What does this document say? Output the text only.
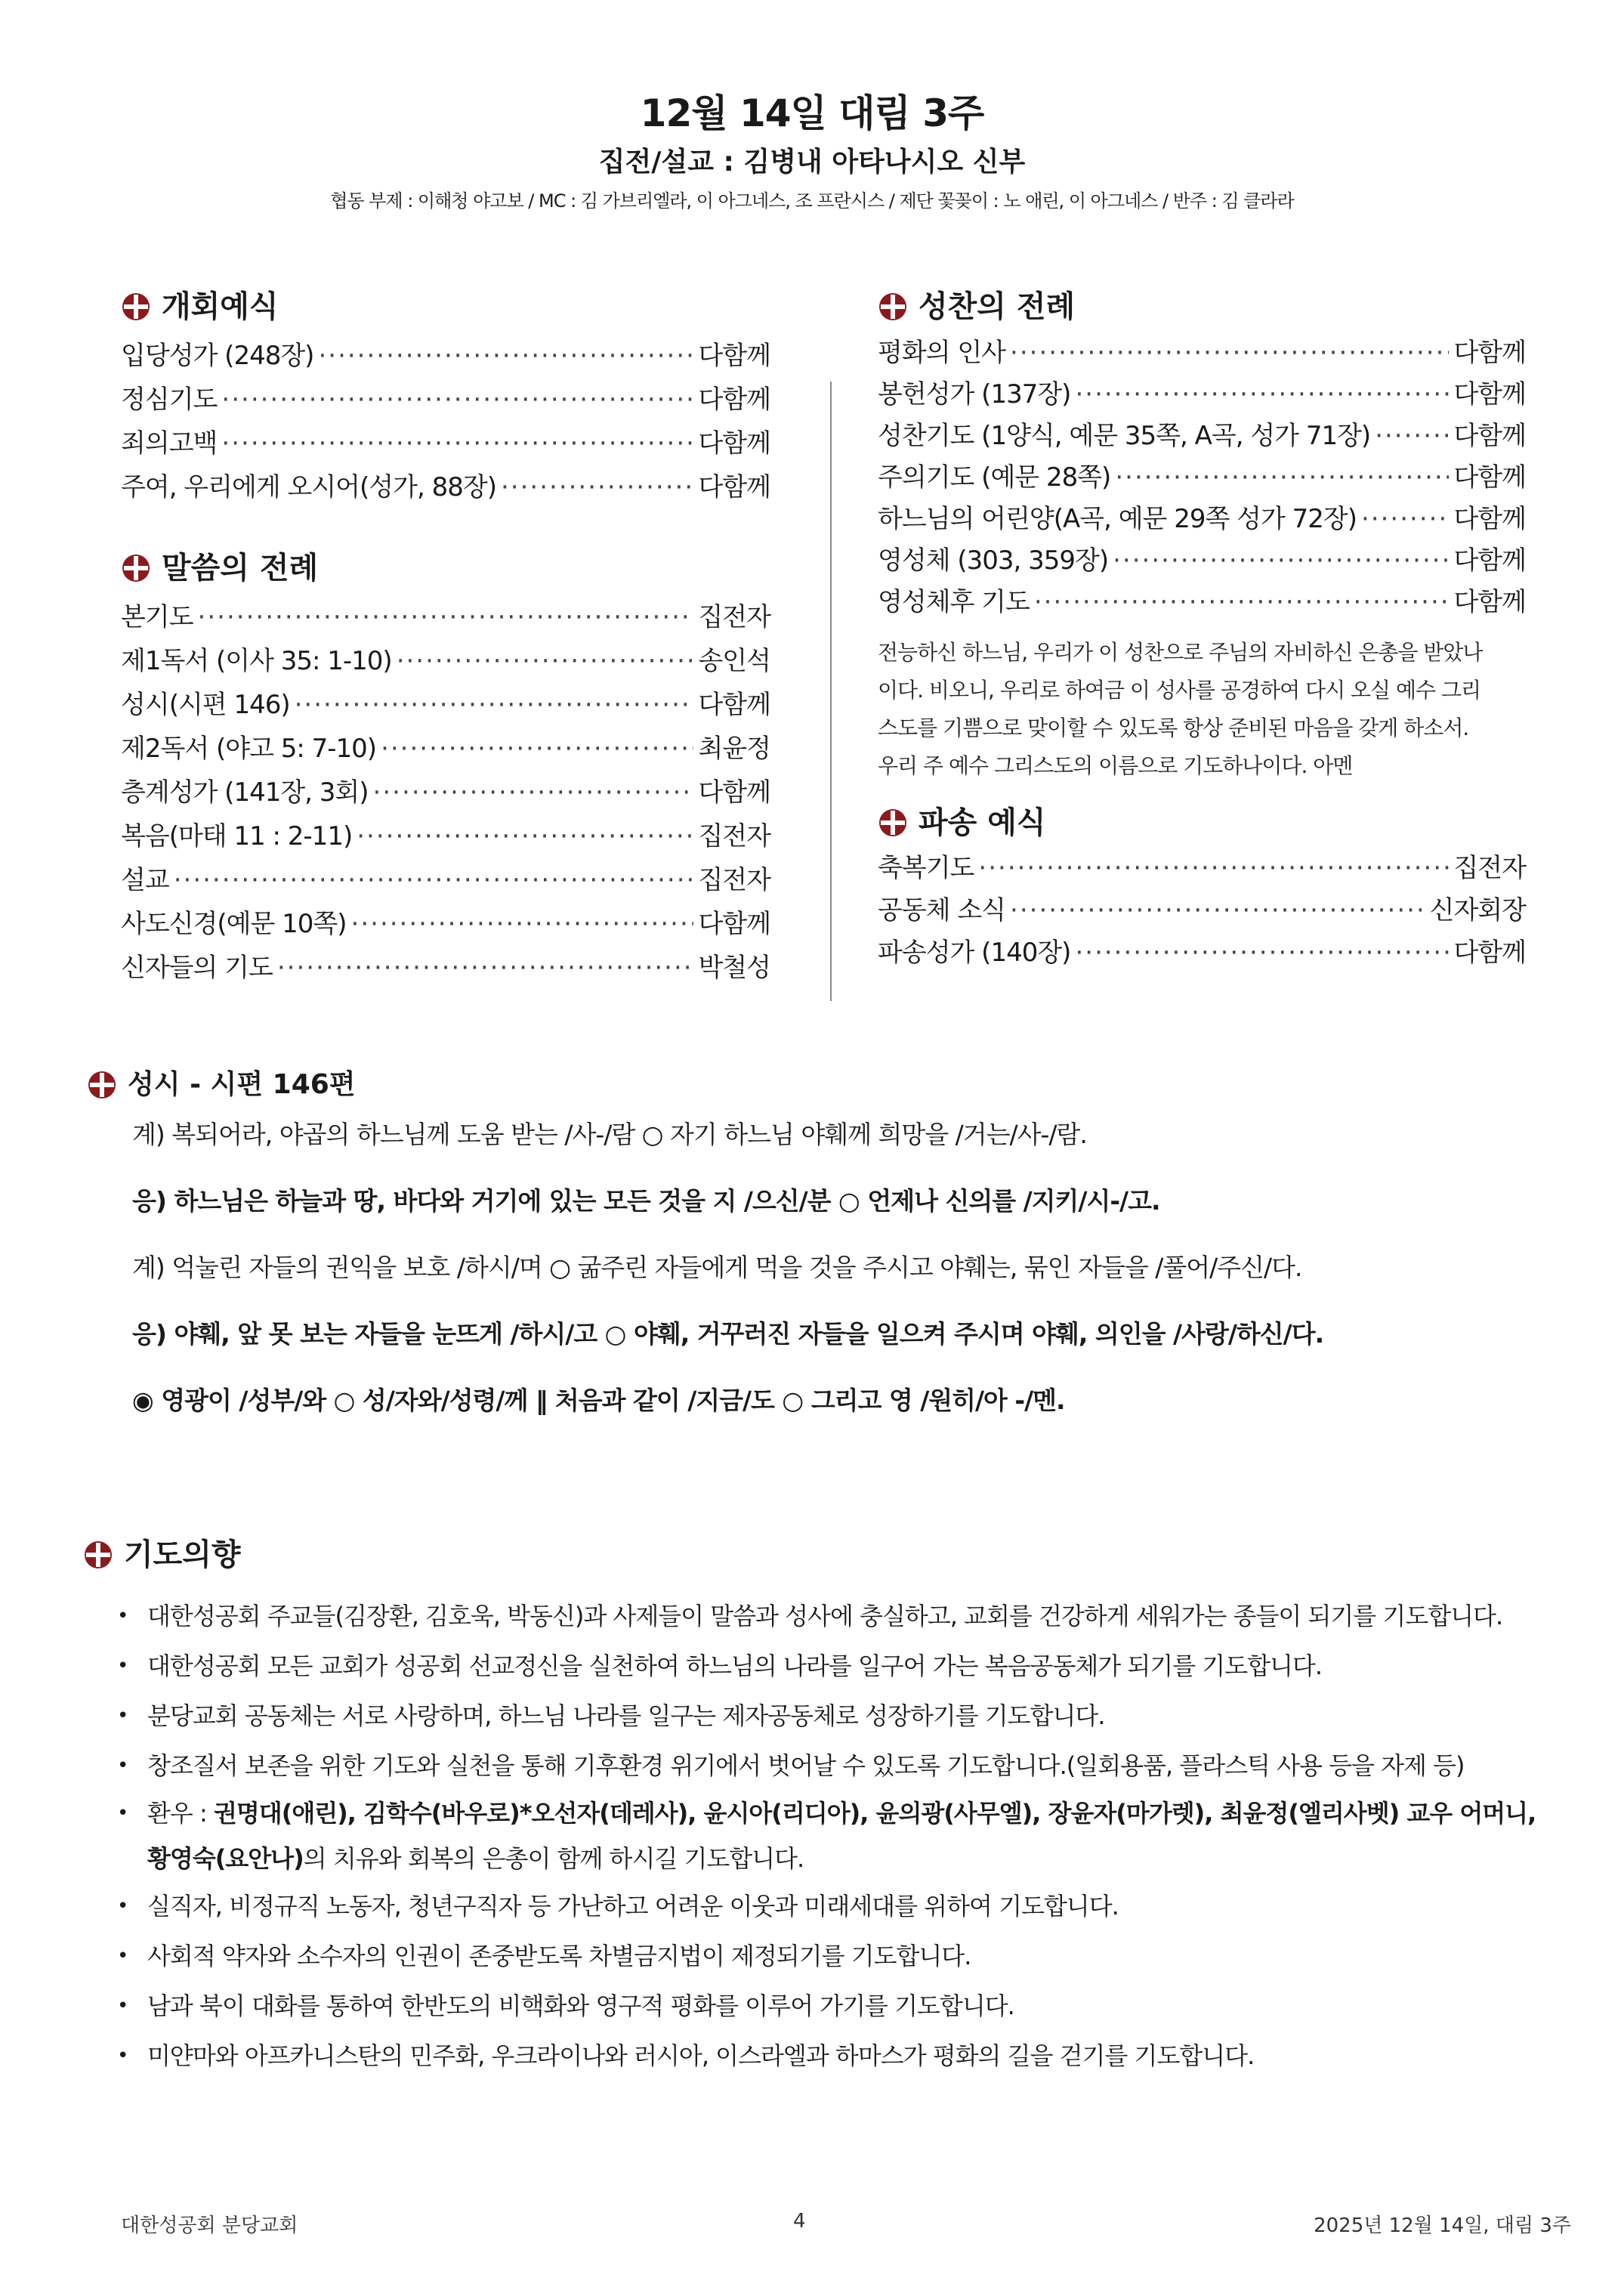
12월 14일 대림 3주
집전/설교 : 김병내 아타나시오 신부
협동 부제 : 이해청 야고보 / MC : 김 가브리엘라, 이 아그네스, 조 프란시스 / 제단 꽃꽂이 : 노 애린, 이 아그네스 / 반주 : 김 클라라
개회예식
입당성가 (248장) ·····	다함께
정심기도 ·····	다함께
죄의고백 ·····	다함께
주여, 우리에게 오시어(성가, 88장) ·····	다함께
말씀의 전례
본기도 ·····	집전자
제1독서 (이사 35: 1-10) ·····	송인석
성시(시편 146) ·····	다함께
제2독서 (야고 5: 7-10) ·····	최윤정
층계성가 (141장, 3회) ·····	다함께
복음(마태 11 : 2-11) ·····	집전자
설교 ·····	집전자
사도신경(예문 10쪽) ·····	다함께
신자들의 기도 ·····	박철성
성찬의 전례
평화의 인사 ·····	다함께
봉헌성가 (137장) ·····	다함께
성찬기도 (1양식, 예문 35쪽, A곡, 성가 71장) ·····	다함께
주의기도 (예문 28쪽) ·····	다함께
하느님의 어린양(A곡, 예문 29쪽 성가 72장) ·····	다함께
영성체 (303, 359장) ·····	다함께
영성체후 기도 ·····	다함께
전능하신 하느님, 우리가 이 성찬으로 주님의 자비하신 은총을 받았나
이다. 비오니, 우리로 하여금 이 성사를 공경하여 다시 오실 예수 그리
스도를 기쁨으로 맞이할 수 있도록 항상 준비된 마음을 갖게 하소서.
우리 주 예수 그리스도의 이름으로 기도하나이다. 아멘
파송 예식
축복기도 ·····	집전자
공동체 소식 ·····	신자회장
파송성가 (140장) ·····	다함께
성시 - 시편 146편
계) 복되어라, 야곱의 하느님께 도움 받는 /사-/람 ○ 자기 하느님 야훼께 희망을 /거는/사-/람.
응) 하느님은 하늘과 땅, 바다와 거기에 있는 모든 것을 지 /으신/분 ○ 언제나 신의를 /지키/시-/고.
계) 억눌린 자들의 권익을 보호 /하시/며 ○ 굶주린 자들에게 먹을 것을 주시고 야훼는, 묶인 자들을 /풀어/주신/다.
응) 야훼, 앞 못 보는 자들을 눈뜨게 /하시/고 ○ 야훼, 거꾸러진 자들을 일으켜 주시며 야훼, 의인을 /사랑/하신/다.
◉ 영광이 /성부/와 ○ 성/자와/성령/께 ‖ 처음과 같이 /지금/도 ○ 그리고 영 /원히/아 -/멘.
기도의향
• 대한성공회 주교들(김장환, 김호욱, 박동신)과 사제들이 말씀과 성사에 충실하고, 교회를 건강하게 세워가는 종들이 되기를 기도합니다.
• 대한성공회 모든 교회가 성공회 선교정신을 실천하여 하느님의 나라를 일구어 가는 복음공동체가 되기를 기도합니다.
• 분당교회 공동체는 서로 사랑하며, 하느님 나라를 일구는 제자공동체로 성장하기를 기도합니다.
• 창조질서 보존을 위한 기도와 실천을 통해 기후환경 위기에서 벗어날 수 있도록 기도합니다.(일회용품, 플라스틱 사용 등을 자제 등)
• 환우 : 권명대(애린), 김학수(바우로)*오선자(데레사), 윤시아(리디아), 윤의광(사무엘), 장윤자(마가렛), 최윤정(엘리사벳) 교우 어머니,
황영숙(요안나)의 치유와 회복의 은총이 함께 하시길 기도합니다.
• 실직자, 비정규직 노동자, 청년구직자 등 가난하고 어려운 이웃과 미래세대를 위하여 기도합니다.
• 사회적 약자와 소수자의 인권이 존중받도록 차별금지법이 제정되기를 기도합니다.
• 남과 북이 대화를 통하여 한반도의 비핵화와 영구적 평화를 이루어 가기를 기도합니다.
• 미얀마와 아프카니스탄의 민주화, 우크라이나와 러시아, 이스라엘과 하마스가 평화의 길을 걷기를 기도합니다.
대한성공회 분당교회	4	2025년 12월 14일, 대림 3주
